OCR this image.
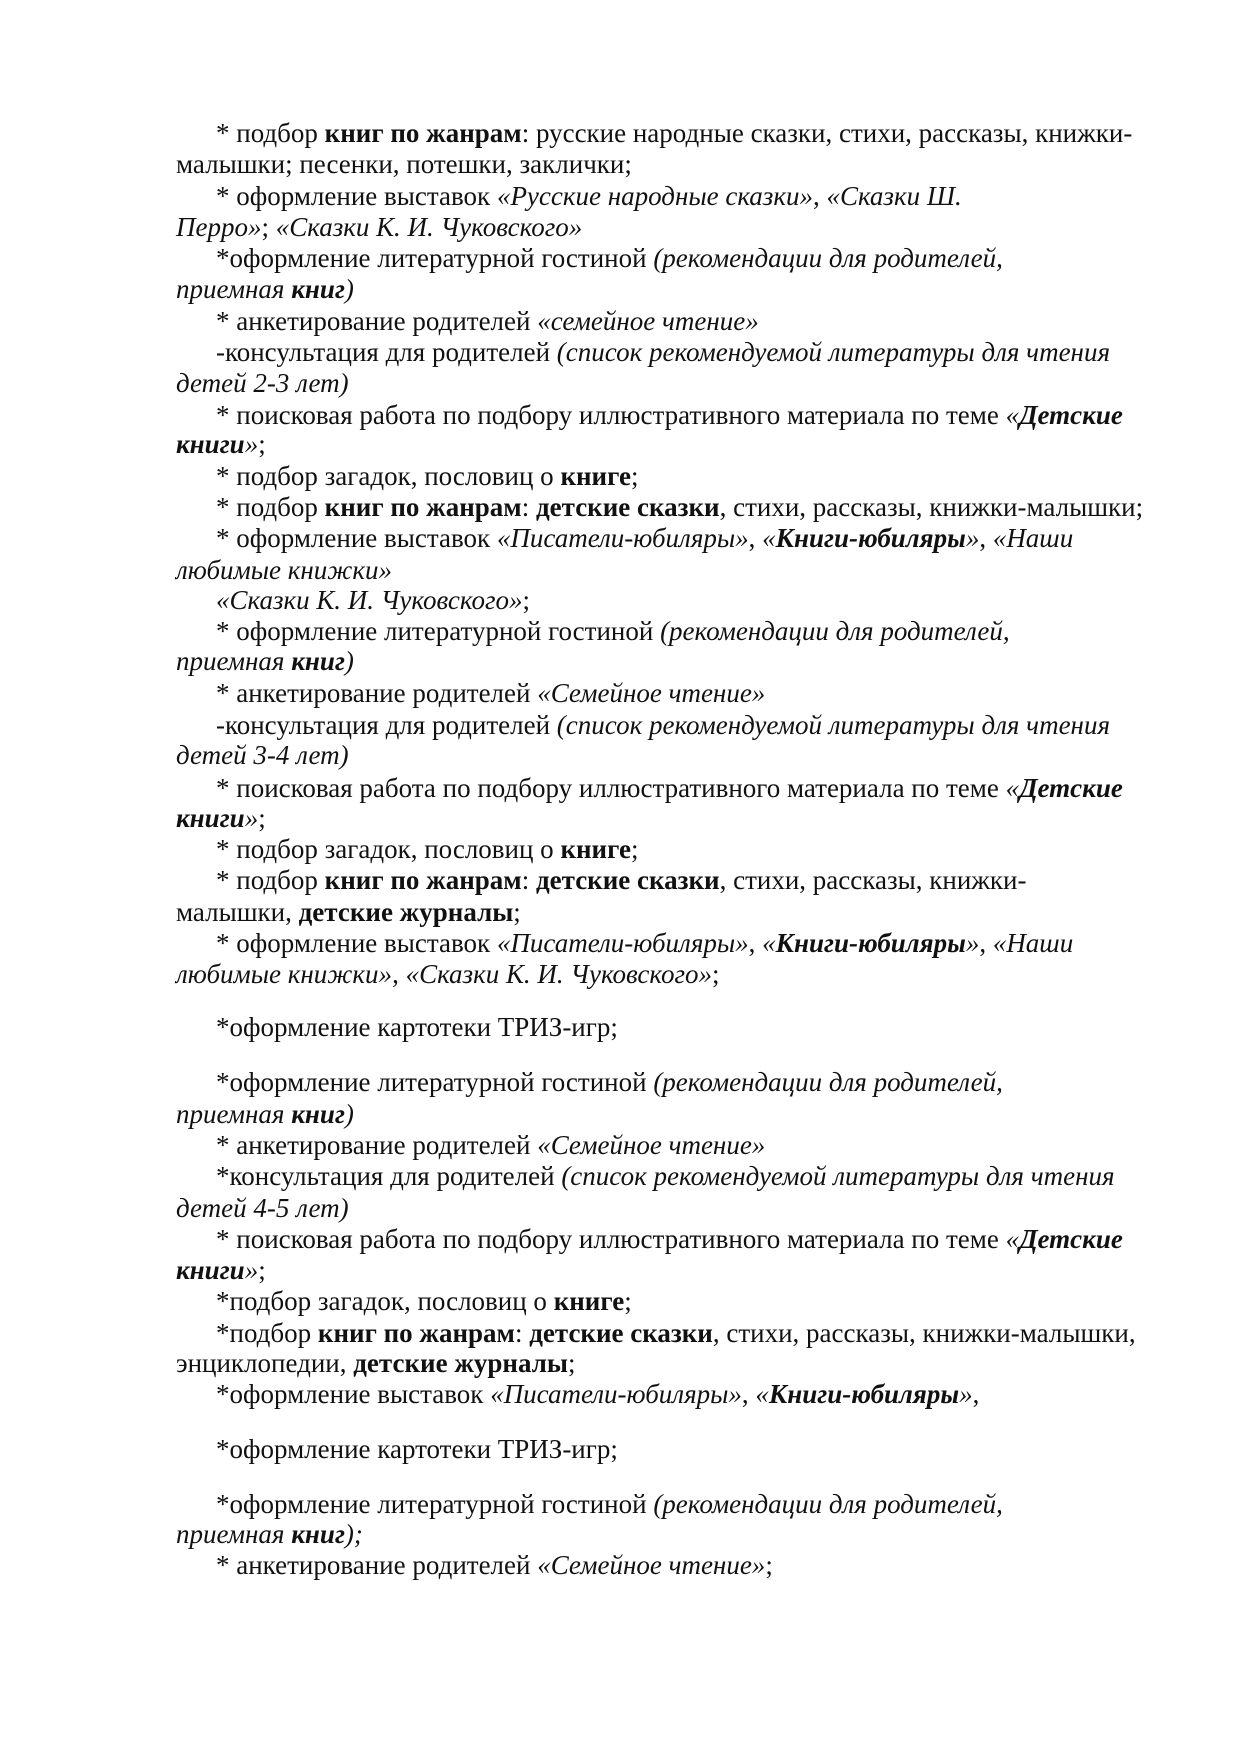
* подбор книг по жанрам: русские народные сказки, стихи, рассказы, книжки-
малышки; песенки, потешки, заклички;
* оформление выставок «Русские народные сказки», «Сказки Ш.
Перро»; «Сказки К. И. Чуковского»
*оформление литературной гостиной (рекомендации для родителей,
приемная книг)
* анкетирование родителей «семейное чтение»
-консультация для родителей (список рекомендуемой литературы для чтения
детей 2-3 лет)
* поисковая работа по подбору иллюстративного материала по теме «Детские
книги»;
* подбор загадок, пословиц о книге;
* подбор книг по жанрам: детские сказки, стихи, рассказы, книжки-малышки;
* оформление выставок «Писатели-юбиляры», «Книги-юбиляры», «Наши
любимые книжки»
«Сказки К. И. Чуковского»;
* оформление литературной гостиной (рекомендации для родителей,
приемная книг)
* анкетирование родителей «Семейное чтение»
-консультация для родителей (список рекомендуемой литературы для чтения
детей 3-4 лет)
* поисковая работа по подбору иллюстративного материала по теме «Детские
книги»;
* подбор загадок, пословиц о книге;
* подбор книг по жанрам: детские сказки, стихи, рассказы, книжки-
малышки, детские журналы;
* оформление выставок «Писатели-юбиляры», «Книги-юбиляры», «Наши
любимые книжки», «Сказки К. И. Чуковского»;
*оформление картотеки ТРИЗ-игр;
*оформление литературной гостиной (рекомендации для родителей,
приемная книг)
* анкетирование родителей «Семейное чтение»
*консультация для родителей (список рекомендуемой литературы для чтения
детей 4-5 лет)
* поисковая работа по подбору иллюстративного материала по теме «Детские
книги»;
*подбор загадок, пословиц о книге;
*подбор книг по жанрам: детские сказки, стихи, рассказы, книжки-малышки,
энциклопедии, детские журналы;
*оформление выставок «Писатели-юбиляры», «Книги-юбиляры»,
*оформление картотеки ТРИЗ-игр;
*оформление литературной гостиной (рекомендации для родителей,
приемная книг);
* анкетирование родителей «Семейное чтение»;
